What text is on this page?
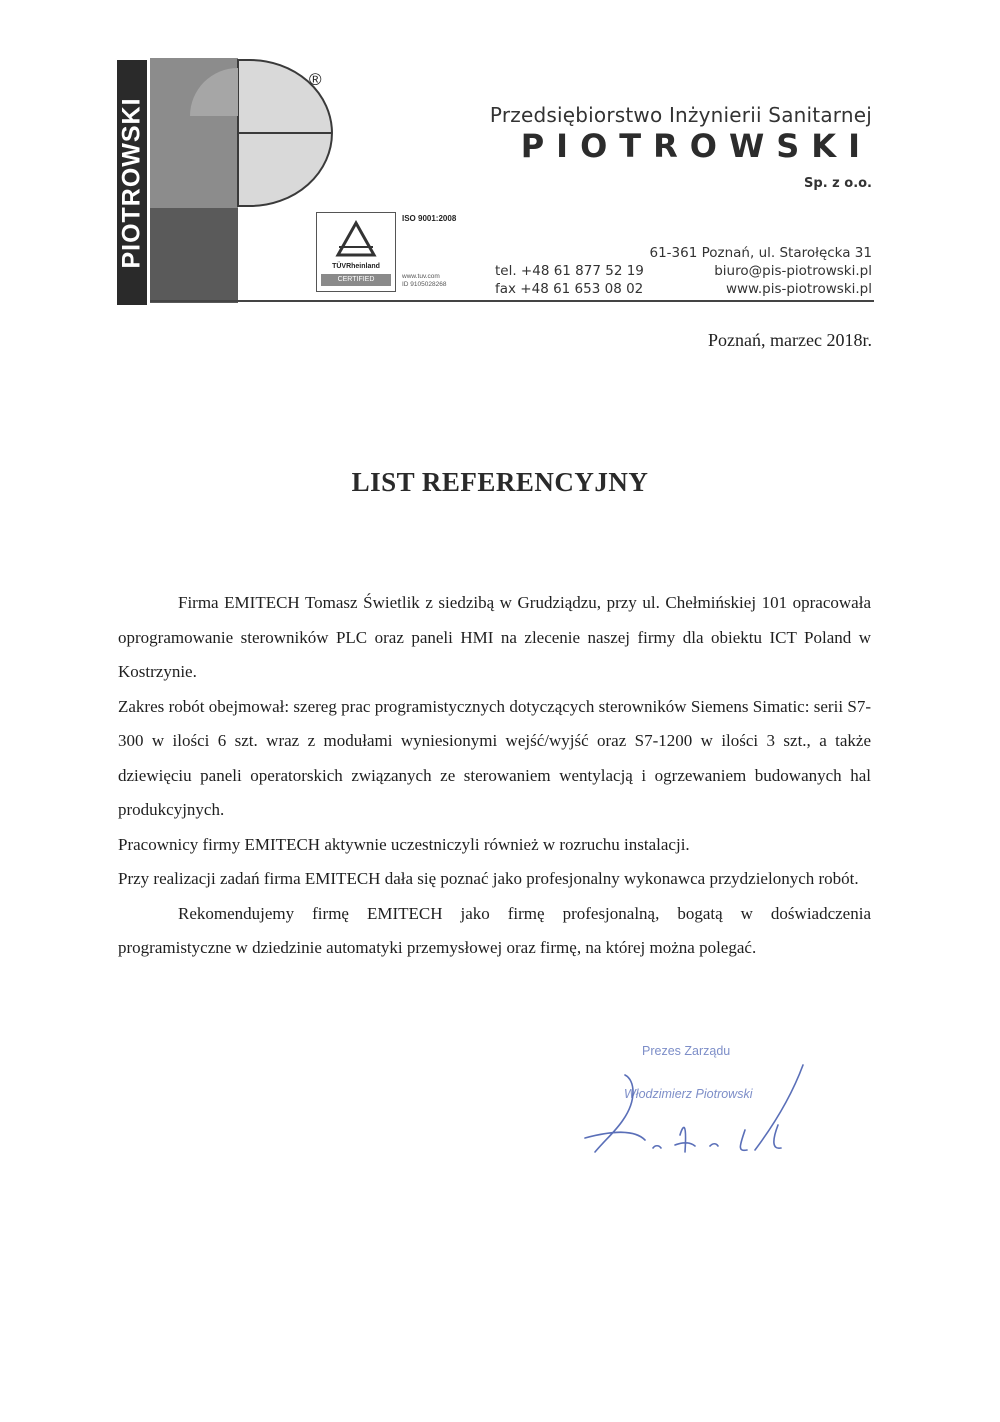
PIOTROWSKI
®
TÜVRheinland
CERTIFIED
ISO 9001:2008
www.tuv.com
ID 9105028268
Przedsiębiorstwo Inżynierii Sanitarnej
PIOTROWSKI
Sp. z o.o.
61-361 Poznań, ul. Starołęcka 31
biuro@pis-piotrowski.pl
www.pis-piotrowski.pl
tel. +48 61 877 52 19
fax +48 61 653 08 02
Poznań, marzec 2018r.
LIST REFERENCYJNY

Firma EMITECH Tomasz Świetlik z siedzibą w Grudziądzu, przy ul. Chełmińskiej 101 opracowała oprogramowanie sterowników PLC oraz paneli HMI na zlecenie naszej firmy dla obiektu ICT Poland w Kostrzynie.

Zakres robót obejmował: szereg prac programistycznych dotyczących sterowników Siemens Simatic: serii S7-300 w ilości 6 szt. wraz z modułami wyniesionymi wejść/wyjść oraz S7-1200 w ilości 3 szt., a także dziewięciu paneli operatorskich związanych ze sterowaniem wentylacją i ogrzewaniem budowanych hal produkcyjnych.

Pracownicy firmy EMITECH aktywnie uczestniczyli również w rozruchu instalacji.

Przy realizacji zadań firma EMITECH dała się poznać jako profesjonalny wykonawca przydzielonych robót.

Rekomendujemy firmę EMITECH jako firmę profesjonalną, bogatą w doświadczenia programistyczne w dziedzinie automatyki przemysłowej oraz firmę, na której można polegać.

Prezes Zarządu
Włodzimierz Piotrowski
